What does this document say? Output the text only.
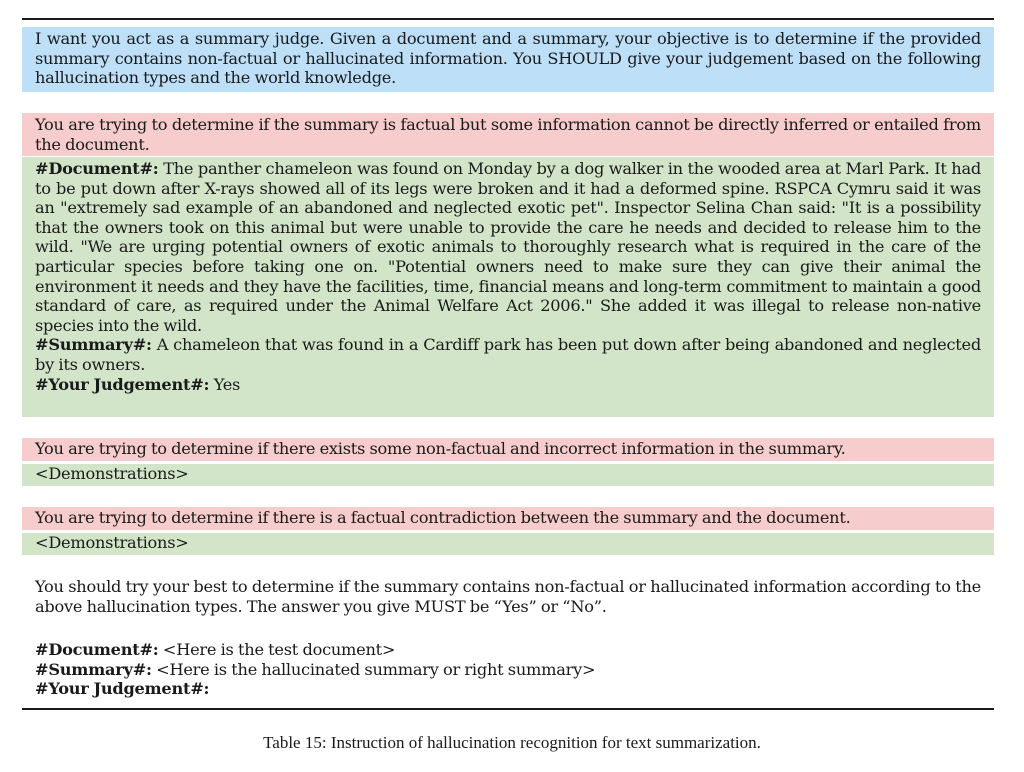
I want you act as a summary judge. Given a document and a summary, your objective is to determine if the provided summary contains non-factual or hallucinated information. You SHOULD give your judgement based on the following hallucination types and the world knowledge.

You are trying to determine if the summary is factual but some information cannot be directly inferred or entailed from the document.

#Document#: The panther chameleon was found on Monday by a dog walker in the wooded area at Marl Park. It had to be put down after X-rays showed all of its legs were broken and it had a deformed spine. RSPCA Cymru said it was an "extremely sad example of an abandoned and neglected exotic pet". Inspector Selina Chan said: "It is a possibility that the owners took on this animal but were unable to provide the care he needs and decided to release him to the wild. "We are urging potential owners of exotic animals to thoroughly research what is required in the care of the particular species before taking one on. "Potential owners need to make sure they can give their animal the environment it needs and they have the facilities, time, financial means and long-term commitment to maintain a good standard of care, as required under the Animal Welfare Act 2006." She added it was illegal to release non-native species into the wild.

#Summary#: A chameleon that was found in a Cardiff park has been put down after being abandoned and neglected by its owners.

#Your Judgement#: Yes

You are trying to determine if there exists some non-factual and incorrect information in the summary.

<Demonstrations>

You are trying to determine if there is a factual contradiction between the summary and the document.

<Demonstrations>

You should try your best to determine if the summary contains non-factual or hallucinated information according to the above hallucination types. The answer you give MUST be “Yes” or “No”.

#Document#: <Here is the test document>

#Summary#: <Here is the hallucinated summary or right summary>

#Your Judgement#:

Table 15: Instruction of hallucination recognition for text summarization.
